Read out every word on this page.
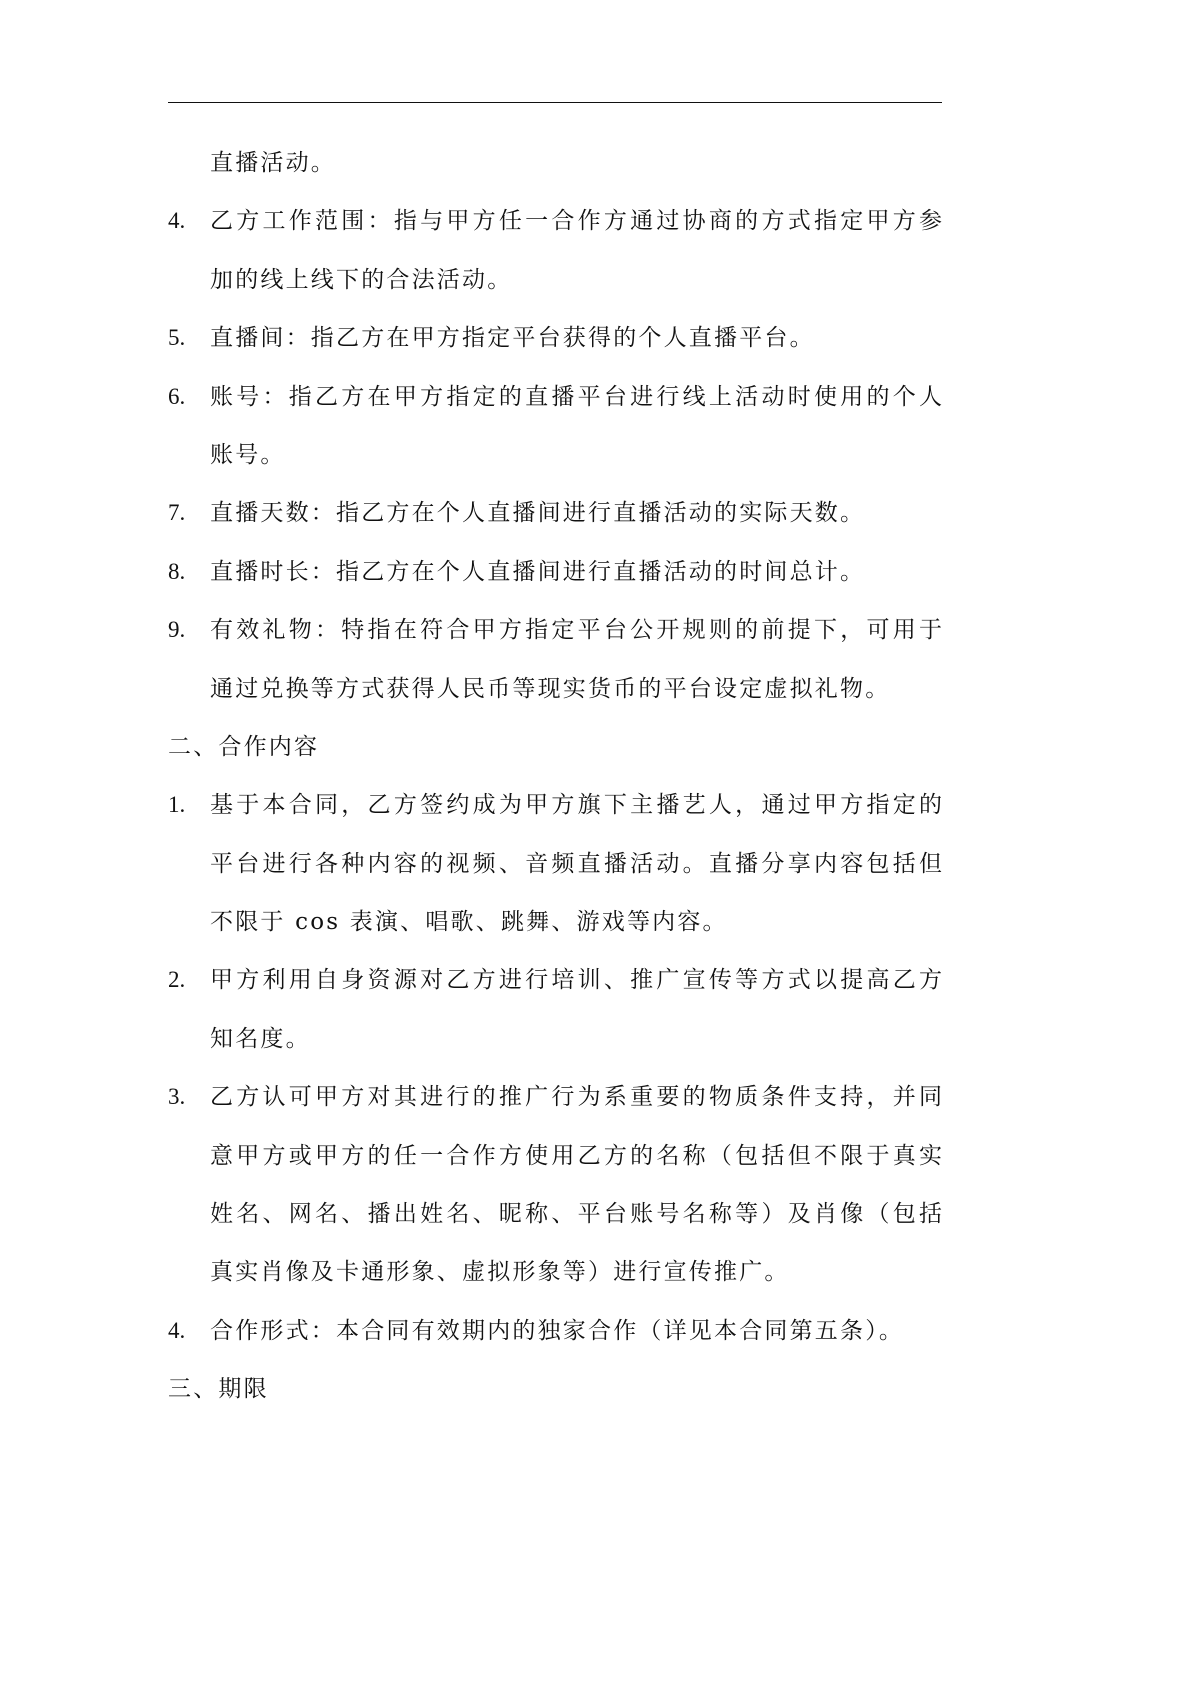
直播活动。
4.	乙方工作范围：指与甲方任一合作方通过协商的方式指定甲方参
加的线上线下的合法活动。
5.	直播间：指乙方在甲方指定平台获得的个人直播平台。
6.	账号：指乙方在甲方指定的直播平台进行线上活动时使用的个人
账号。
7.	直播天数：指乙方在个人直播间进行直播活动的实际天数。
8.	直播时长：指乙方在个人直播间进行直播活动的时间总计。
9.	有效礼物：特指在符合甲方指定平台公开规则的前提下，可用于
通过兑换等方式获得人民币等现实货币的平台设定虚拟礼物。
二、合作内容
1.	基于本合同，乙方签约成为甲方旗下主播艺人，通过甲方指定的
平台进行各种内容的视频、音频直播活动。直播分享内容包括但
不限于 cos 表演、唱歌、跳舞、游戏等内容。
2.	甲方利用自身资源对乙方进行培训、推广宣传等方式以提高乙方
知名度。
3.	乙方认可甲方对其进行的推广行为系重要的物质条件支持，并同
意甲方或甲方的任一合作方使用乙方的名称（包括但不限于真实
姓名、网名、播出姓名、昵称、平台账号名称等）及肖像（包括
真实肖像及卡通形象、虚拟形象等）进行宣传推广。
4.	合作形式：本合同有效期内的独家合作（详见本合同第五条）。
三、期限
